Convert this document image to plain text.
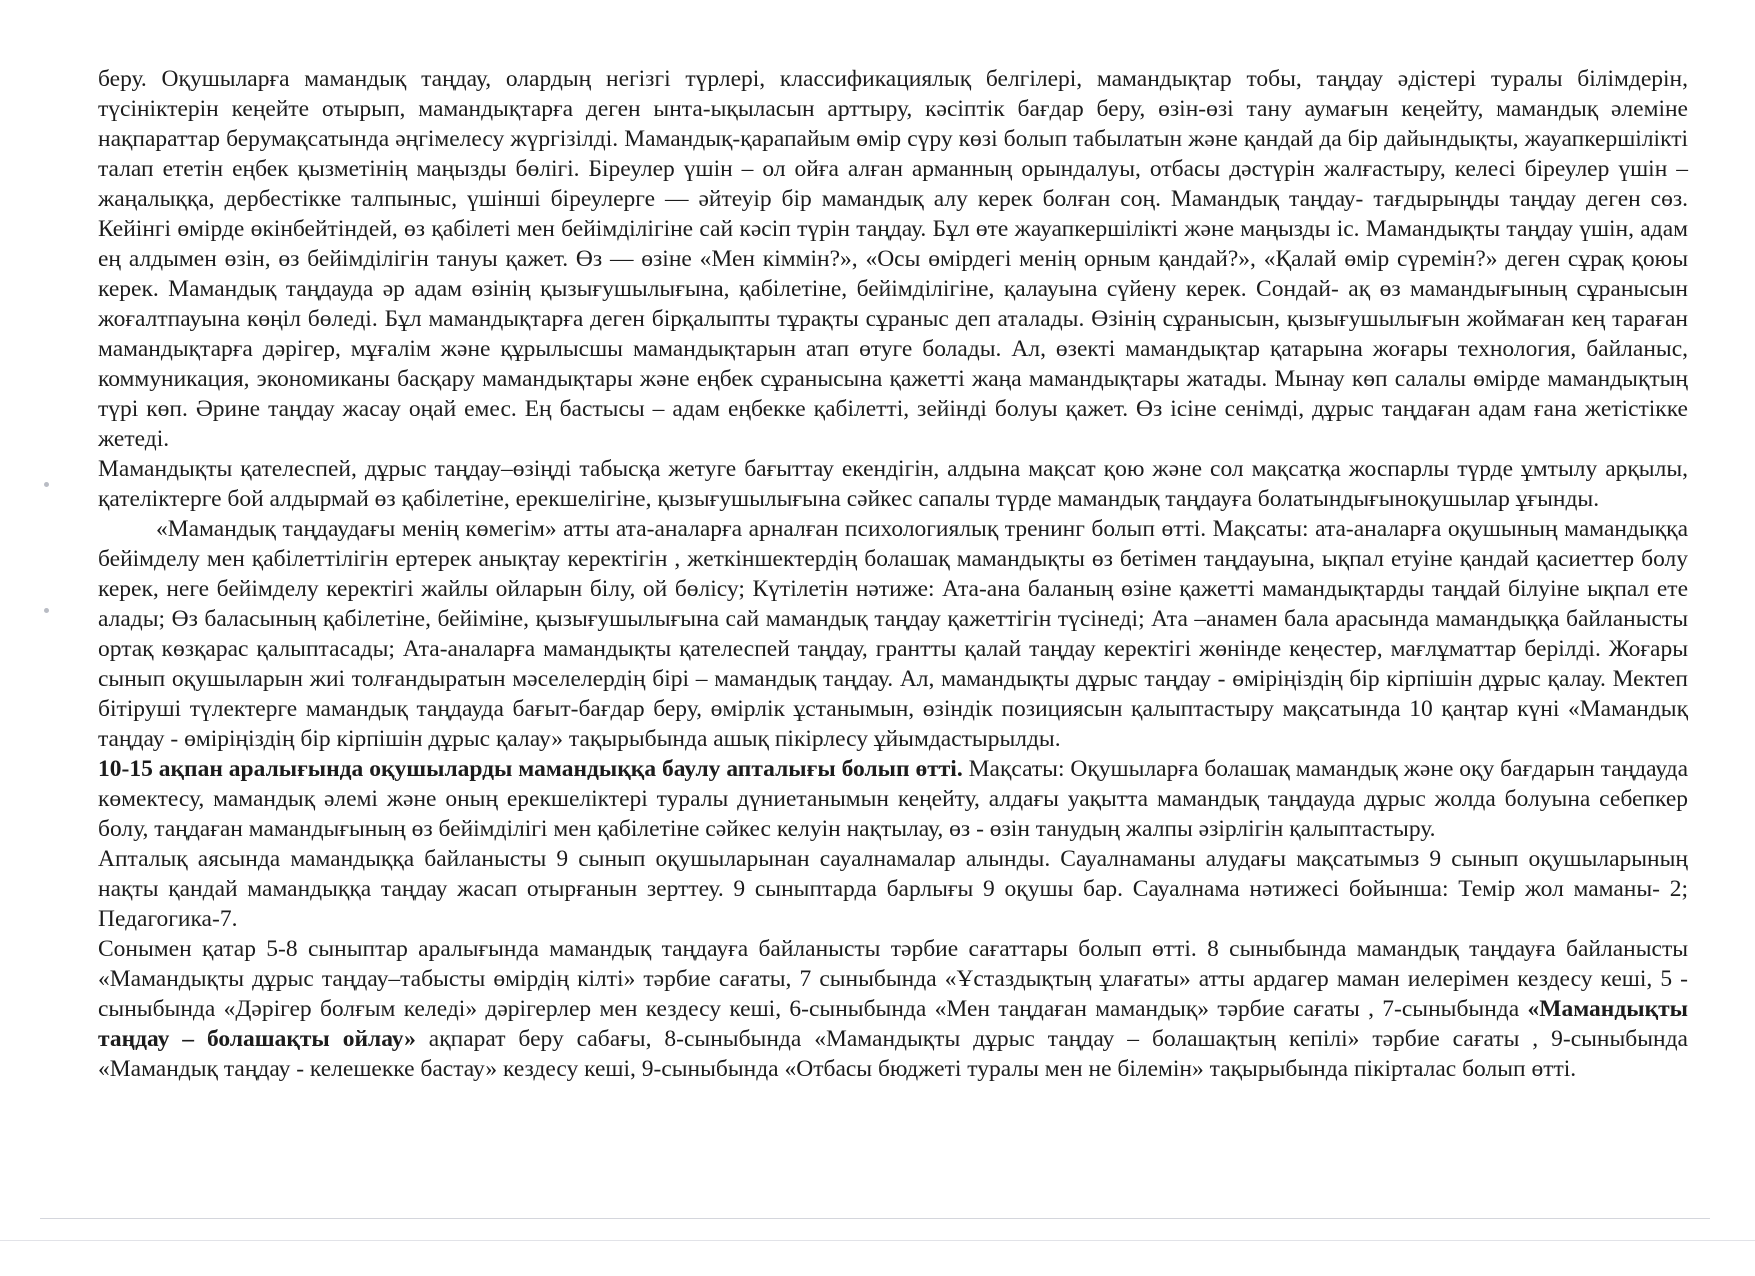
беру. Оқушыларға мамандық таңдау, олардың негізгі түрлері, классификациялық белгілері, мамандықтар тобы, таңдау әдістері туралы білімдерін, түсініктерін кеңейте отырып, мамандықтарға деген ынта-ықыласын арттыру, кәсіптік бағдар беру, өзін-өзі тану аумағын кеңейту, мамандық әлеміне нақпараттар берумақсатында әңгімелесу жүргізілді. Мамандық-қарапайым өмір сүру көзі болып табылатын және қандай да бір дайындықты, жауапкершілікті талап ететін еңбек қызметінің маңызды бөлігі. Біреулер үшін – ол ойға алған арманның орындалуы, отбасы дәстүрін жалғастыру, келесі біреулер үшін – жаңалыққа, дербестікке талпыныс, үшінші біреулерге — әйтеуір бір мамандық алу керек болған соң. Мамандық таңдау- тағдырыңды таңдау деген сөз. Кейінгі өмірде өкінбейтіндей, өз қабілеті мен бейімділігіне сай кәсіп түрін таңдау. Бұл өте жауапкершілікті және маңызды іс. Мамандықты таңдау үшін, адам ең алдымен өзін, өз бейімділігін тануы қажет. Өз — өзіне «Мен кіммін?», «Осы өмірдегі менің орным қандай?», «Қалай өмір сүремін?» деген сұрақ қоюы керек. Мамандық таңдауда әр адам өзінің қызығушылығына, қабілетіне, бейімділігіне, қалауына сүйену керек. Сондай- ақ өз мамандығының сұранысын жоғалтпауына көңіл бөледі. Бұл мамандықтарға деген бірқалыпты тұрақты сұраныс деп аталады. Өзінің сұранысын, қызығушылығын жоймаған кең тараған мамандықтарға дәрігер, мұғалім және құрылысшы мамандықтарын атап өтуге болады. Ал, өзекті мамандықтар қатарына жоғары технология, байланыс, коммуникация, экономиканы басқару мамандықтары және еңбек сұранысына қажетті жаңа мамандықтары жатады. Мынау көп салалы өмірде мамандықтың түрі көп. Әрине таңдау жасау оңай емес. Ең бастысы – адам еңбекке қабілетті, зейінді болуы қажет. Өз ісіне сенімді, дұрыс таңдаған адам ғана жетістікке жетеді.

Мамандықты қателеспей, дұрыс таңдау–өзіңді табысқа жетуге бағыттау екендігін, алдына мақсат қою және сол мақсатқа жоспарлы түрде ұмтылу арқылы, қателіктерге бой алдырмай өз қабілетіне, ерекшелігіне, қызығушылығына сәйкес сапалы түрде мамандық таңдауға болатындығыноқушылар ұғынды.

«Мамандық таңдаудағы менің көмегім» атты ата-аналарға арналған психологиялық тренинг болып өтті. Мақсаты: ата-аналарға оқушының мамандыққа бейімделу мен қабілеттілігін ертерек анықтау керектігін , жеткіншектердің болашақ мамандықты өз бетімен таңдауына, ықпал етуіне қандай қасиеттер болу керек, неге бейімделу керектігі жайлы ойларын білу, ой бөлісу; Күтілетін нәтиже: Ата-ана баланың өзіне қажетті мамандықтарды таңдай білуіне ықпал ете алады; Өз баласының қабілетіне, бейіміне, қызығушылығына сай мамандық таңдау қажеттігін түсінеді; Ата –анамен бала арасында мамандыққа байланысты ортақ көзқарас қалыптасады; Ата-аналарға мамандықты қателеспей таңдау, грантты қалай таңдау керектігі жөнінде кеңестер, мағлұматтар берілді. Жоғары сынып оқушыларын жиі толғандыратын мәселелердің бірі – мамандық таңдау. Ал, мамандықты дұрыс таңдау - өміріңіздің бір кірпішін дұрыс қалау. Мектеп бітіруші түлектерге мамандық таңдауда бағыт-бағдар беру, өмірлік ұстанымын, өзіндік позициясын қалыптастыру мақсатында 10 қаңтар күні «Мамандық таңдау - өміріңіздің бір кірпішін дұрыс қалау» тақырыбында ашық пікірлесу ұйымдастырылды.

10-15 ақпан аралығында оқушыларды мамандыққа баулу апталығы болып өтті. Мақсаты: Оқушыларға болашақ мамандық және оқу бағдарын таңдауда көмектесу, мамандық әлемі және оның ерекшеліктері туралы дүниетанымын кеңейту, алдағы уақытта мамандық таңдауда дұрыс жолда болуына себепкер болу, таңдаған мамандығының өз бейімділігі мен қабілетіне сәйкес келуін нақтылау, өз - өзін танудың жалпы әзірлігін қалыптастыру.

Апталық аясында мамандыққа байланысты 9 сынып оқушыларынан сауалнамалар алынды. Сауалнаманы алудағы мақсатымыз 9 сынып оқушыларының нақты қандай мамандыққа таңдау жасап отырғанын зерттеу. 9 сыныптарда барлығы 9 оқушы бар. Сауалнама нәтижесі бойынша: Темір жол маманы- 2; Педагогика-7.

Сонымен қатар 5-8 сыныптар аралығында мамандық таңдауға байланысты тәрбие сағаттары болып өтті. 8 сыныбында мамандық таңдауға байланысты «Мамандықты дұрыс таңдау–табысты өмірдің кілті» тәрбие сағаты, 7 сыныбында «Ұстаздықтың ұлағаты» атты ардагер маман иелерімен кездесу кеші, 5 - сыныбында «Дәрігер болғым келеді» дәрігерлер мен кездесу кеші, 6-сыныбында «Мен таңдаған мамандық» тәрбие сағаты , 7-сыныбында «Мамандықты таңдау – болашақты ойлау» ақпарат беру сабағы, 8-сыныбында «Мамандықты дұрыс таңдау – болашақтың кепілі» тәрбие сағаты , 9-сыныбында «Мамандық таңдау - келешекке бастау» кездесу кеші, 9-сыныбында «Отбасы бюджеті туралы мен не білемін» тақырыбында пікірталас болып өтті.
